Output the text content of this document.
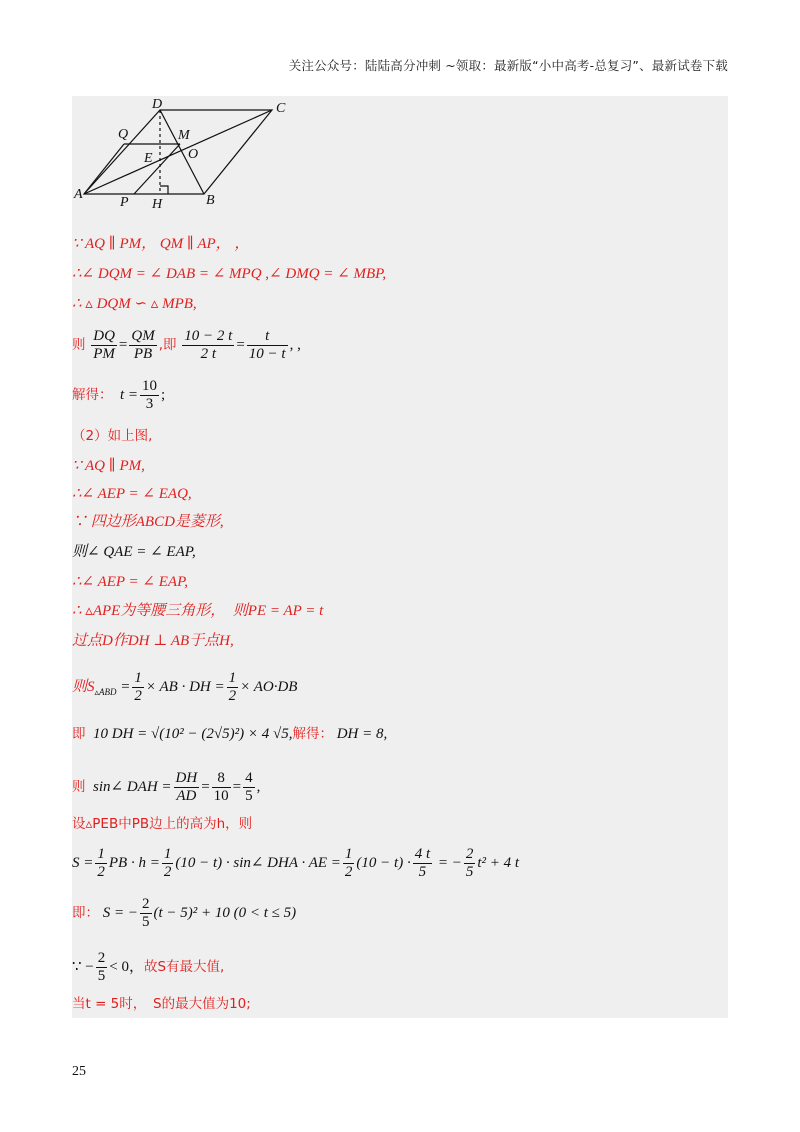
关注公众号：陆陆高分冲刺 ~领取：最新版“小中高考-总复习”、最新试卷下载
D	C
Q	M
E	O
A
P H	B
∵ AQ ∥ PM， QM ∥ AP， ，
∴∠ DQM = ∠ DAB = ∠ MPQ ,∠ DMQ = ∠ MBP,
∴ ▵ DQM ∽ ▵ MPB,
则 $\frac{DQ}{PM} = \frac{QM}{PB}$ ,即 $\frac{10 - 2 t}{2 t} = \frac{t}{10 - t}$ , ,
解得： $t = \frac{10}{3}$ ;
（2）如上图,
∵ AQ ∥ PM,
∴∠ AEP = ∠ EAQ,
∵ 四边形ABCD是菱形,
则∠ QAE = ∠ EAP,
∴∠ AEP = ∠ EAP,
∴ ▵APE为等腰三角形，　则PE = AP = t
过点D作DH ⊥ AB于点H,
则$S_{▵ABD} = \frac{1}{2}$ × AB · DH = $\frac{1}{2} \times AO\cdot DB$
即 10 DH = √(10² − (2√5)²) × 4 √5,解得： DH = 8,
则 sin∠ DAH = $\frac{DH}{AD} = \frac{8}{10} = \frac{4}{5}$ ,
设▵PEB中PB边上的高为h，则
$S = \frac{1}{2}$ PB · $h = \frac{1}{2} (10 - t)$ · sin∠ DHA · AE = $\frac{1}{2} (10 - t) \cdot \frac{4 t}{5}$ = − $\frac{2}{5} t^2 + 4$ t
即： S = − $\frac{2}{5} (t - 5)^2 + 10$ (0 < t ≤ 5)
∵ − $\frac{2}{5} < 0$，故S有最大值,
当t = 5时，　S的最大值为10;
25
